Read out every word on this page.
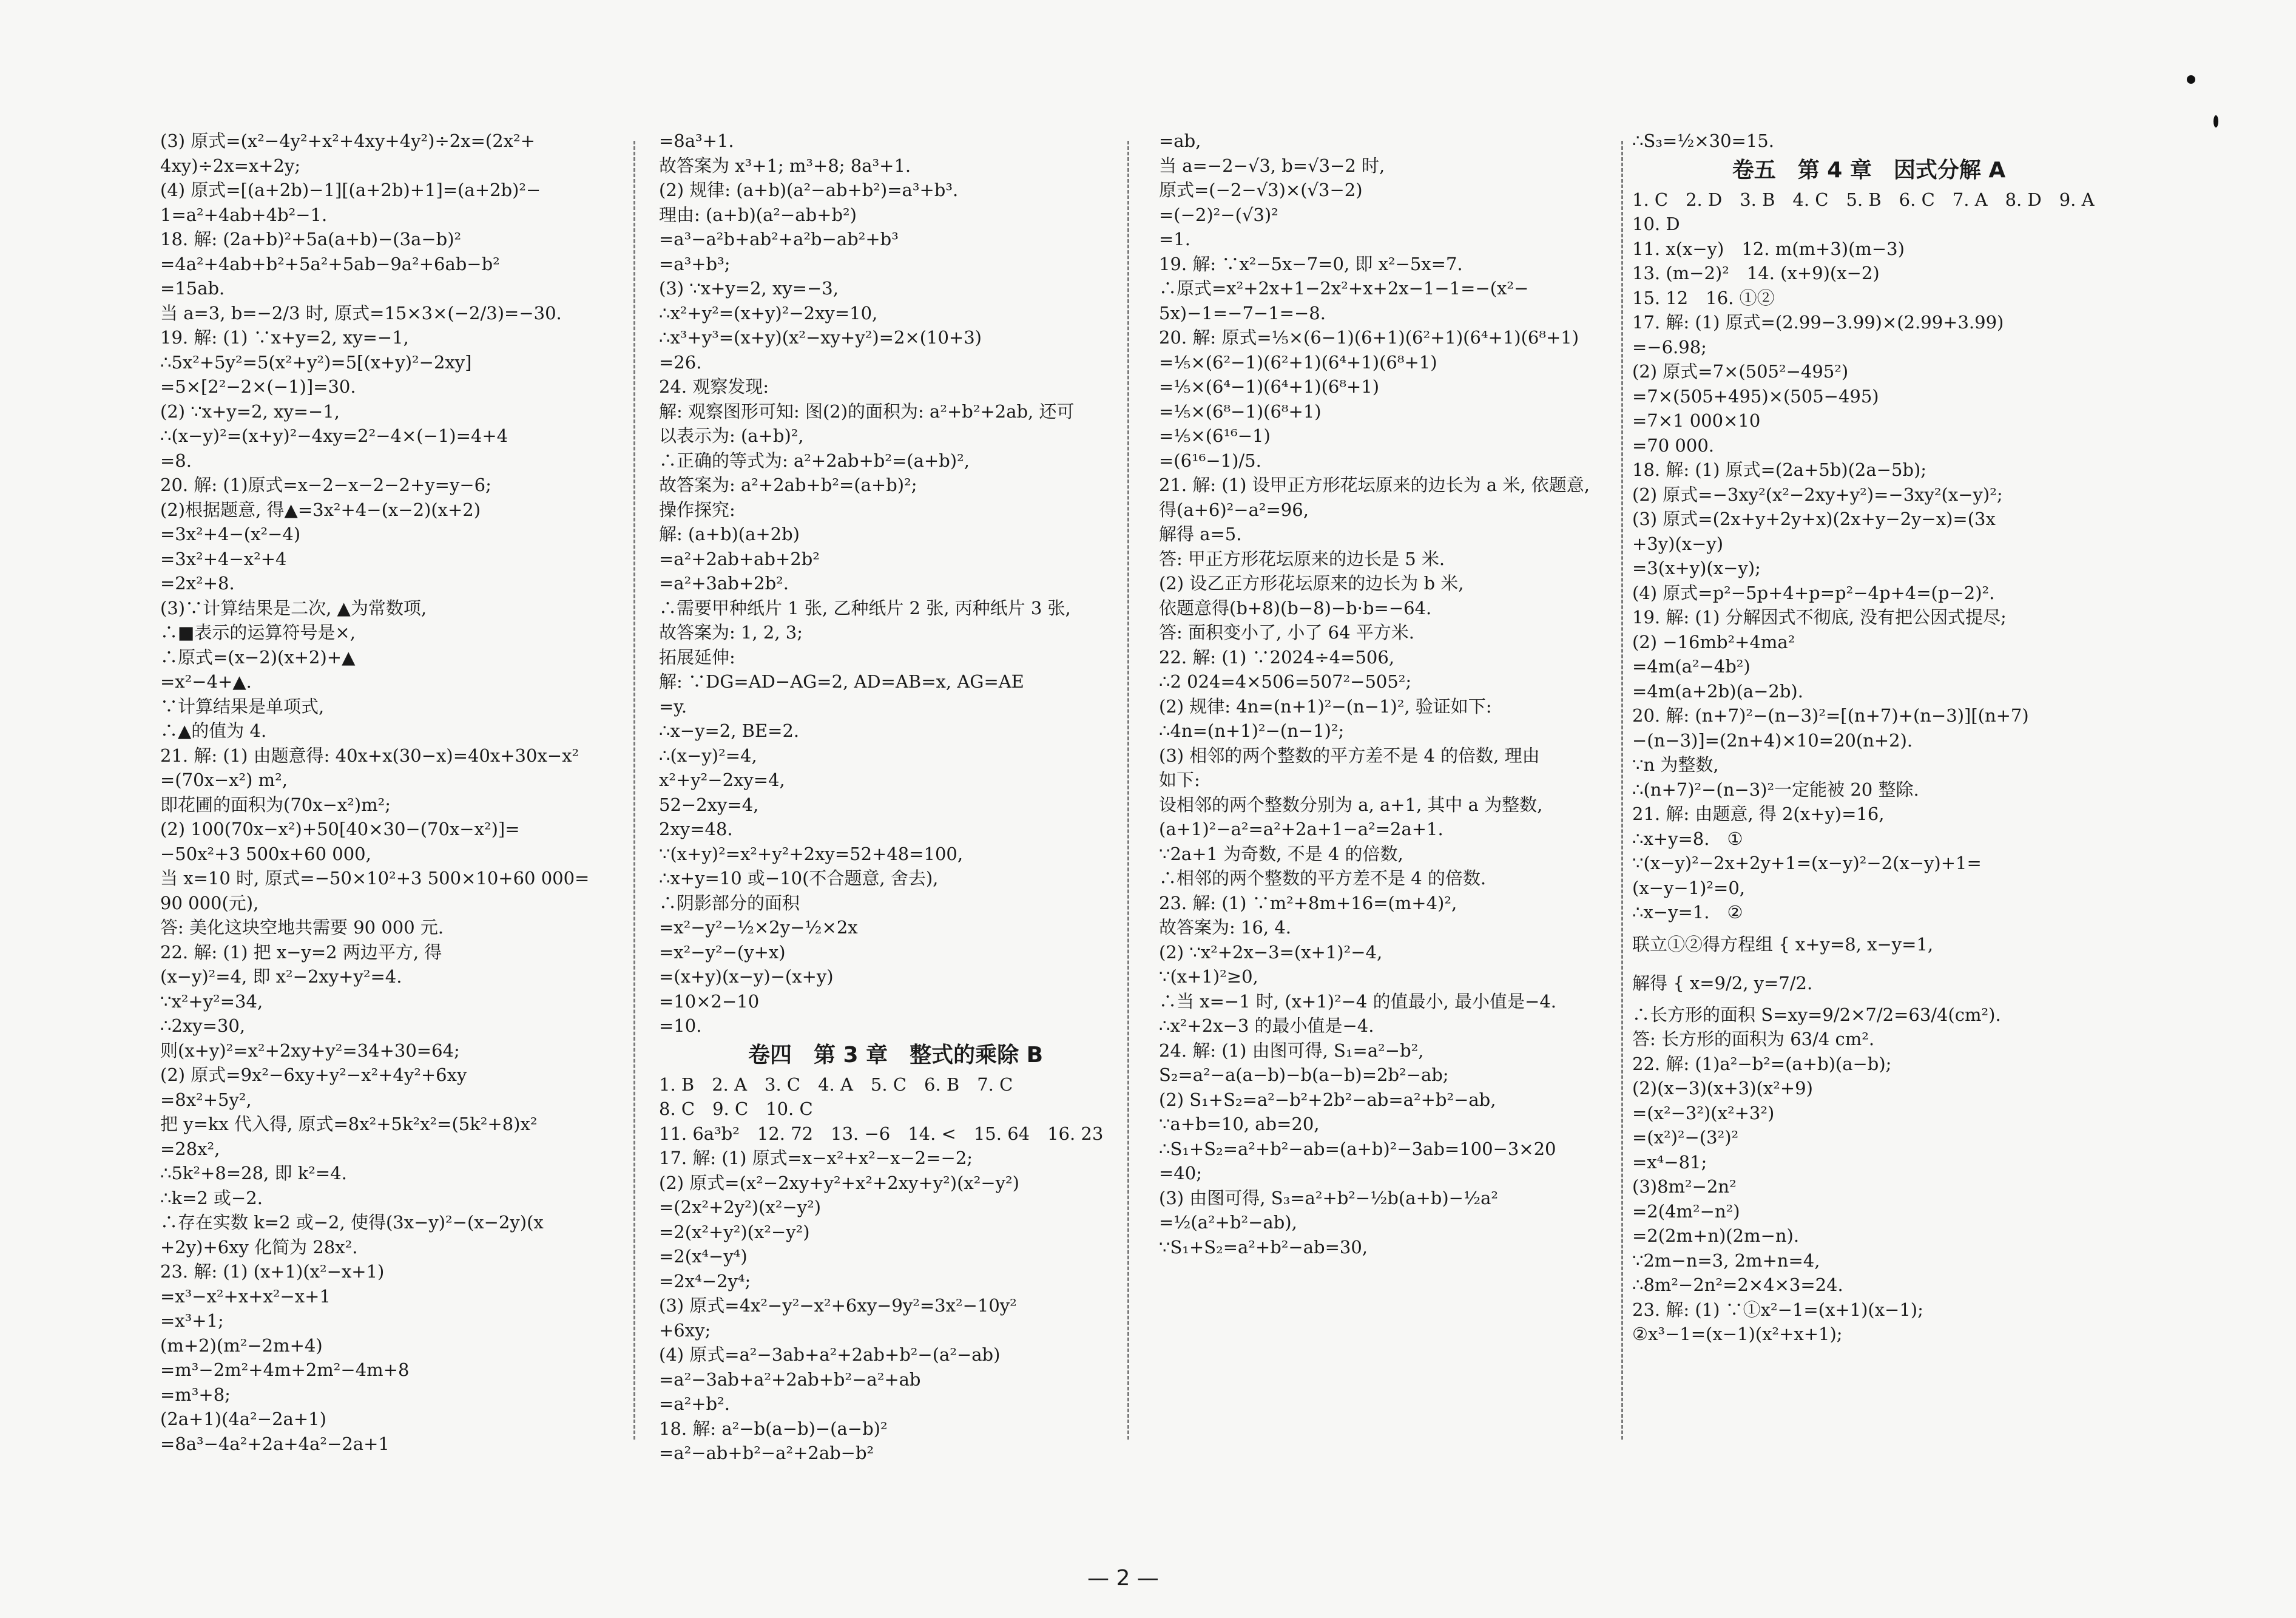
(3) 原式=(x²−4y²+x²+4xy+4y²)÷2x=(2x²+
4xy)÷2x=x+2y;
(4) 原式=[(a+2b)−1][(a+2b)+1]=(a+2b)²−
1=a²+4ab+4b²−1.
18. 解: (2a+b)²+5a(a+b)−(3a−b)²
=4a²+4ab+b²+5a²+5ab−9a²+6ab−b²
=15ab.
当 a=3, b=−2/3 时, 原式=15×3×(−2/3)=−30.
19. 解: (1) ∵x+y=2, xy=−1,
∴5x²+5y²=5(x²+y²)=5[(x+y)²−2xy]
=5×[2²−2×(−1)]=30.
(2) ∵x+y=2, xy=−1,
∴(x−y)²=(x+y)²−4xy=2²−4×(−1)=4+4
=8.
20. 解: (1)原式=x−2−x−2−2+y=y−6;
(2)根据题意, 得▲=3x²+4−(x−2)(x+2)
=3x²+4−(x²−4)
=3x²+4−x²+4
=2x²+8.
(3)∵计算结果是二次, ▲为常数项,
∴■表示的运算符号是×,
∴原式=(x−2)(x+2)+▲
=x²−4+▲.
∵计算结果是单项式,
∴▲的值为 4.
21. 解: (1) 由题意得: 40x+x(30−x)=40x+30x−x²
=(70x−x²) m²,
即花圃的面积为(70x−x²)m²;
(2) 100(70x−x²)+50[40×30−(70x−x²)]=
−50x²+3 500x+60 000,
当 x=10 时, 原式=−50×10²+3 500×10+60 000=
90 000(元),
答: 美化这块空地共需要 90 000 元.
22. 解: (1) 把 x−y=2 两边平方, 得
(x−y)²=4, 即 x²−2xy+y²=4.
∵x²+y²=34,
∴2xy=30,
则(x+y)²=x²+2xy+y²=34+30=64;
(2) 原式=9x²−6xy+y²−x²+4y²+6xy
=8x²+5y²,
把 y=kx 代入得, 原式=8x²+5k²x²=(5k²+8)x²
=28x²,
∴5k²+8=28, 即 k²=4.
∴k=2 或−2.
∴存在实数 k=2 或−2, 使得(3x−y)²−(x−2y)(x
+2y)+6xy 化简为 28x².
23. 解: (1) (x+1)(x²−x+1)
=x³−x²+x+x²−x+1
=x³+1;
(m+2)(m²−2m+4)
=m³−2m²+4m+2m²−4m+8
=m³+8;
(2a+1)(4a²−2a+1)
=8a³−4a²+2a+4a²−2a+1
=8a³+1.
故答案为 x³+1; m³+8; 8a³+1.
(2) 规律: (a+b)(a²−ab+b²)=a³+b³.
理由: (a+b)(a²−ab+b²)
=a³−a²b+ab²+a²b−ab²+b³
=a³+b³;
(3) ∵x+y=2, xy=−3,
∴x²+y²=(x+y)²−2xy=10,
∴x³+y³=(x+y)(x²−xy+y²)=2×(10+3)
=26.
24. 观察发现:
解: 观察图形可知: 图(2)的面积为: a²+b²+2ab, 还可
以表示为: (a+b)²,
∴正确的等式为: a²+2ab+b²=(a+b)²,
故答案为: a²+2ab+b²=(a+b)²;
操作探究:
解: (a+b)(a+2b)
=a²+2ab+ab+2b²
=a²+3ab+2b².
∴需要甲种纸片 1 张, 乙种纸片 2 张, 丙种纸片 3 张,
故答案为: 1, 2, 3;
拓展延伸:
解: ∵DG=AD−AG=2, AD=AB=x, AG=AE
=y.
∴x−y=2, BE=2.
∴(x−y)²=4,
x²+y²−2xy=4,
52−2xy=4,
2xy=48.
∵(x+y)²=x²+y²+2xy=52+48=100,
∴x+y=10 或−10(不合题意, 舍去),
∴阴影部分的面积
=x²−y²−½×2y−½×2x
=x²−y²−(y+x)
=(x+y)(x−y)−(x+y)
=10×2−10
=10.
卷四　第 3 章　整式的乘除 B
1. B　2. A　3. C　4. A　5. C　6. B　7. C
8. C　9. C　10. C
11. 6a³b²　12. 72　13. −6　14. <　15. 64　16. 23
17. 解: (1) 原式=x−x²+x²−x−2=−2;
(2) 原式=(x²−2xy+y²+x²+2xy+y²)(x²−y²)
=(2x²+2y²)(x²−y²)
=2(x²+y²)(x²−y²)
=2(x⁴−y⁴)
=2x⁴−2y⁴;
(3) 原式=4x²−y²−x²+6xy−9y²=3x²−10y²
+6xy;
(4) 原式=a²−3ab+a²+2ab+b²−(a²−ab)
=a²−3ab+a²+2ab+b²−a²+ab
=a²+b².
18. 解: a²−b(a−b)−(a−b)²
=a²−ab+b²−a²+2ab−b²
=ab,
当 a=−2−√3, b=√3−2 时,
原式=(−2−√3)×(√3−2)
=(−2)²−(√3)²
=1.
19. 解: ∵x²−5x−7=0, 即 x²−5x=7.
∴原式=x²+2x+1−2x²+x+2x−1−1=−(x²−
5x)−1=−7−1=−8.
20. 解: 原式=⅕×(6−1)(6+1)(6²+1)(6⁴+1)(6⁸+1)
=⅕×(6²−1)(6²+1)(6⁴+1)(6⁸+1)
=⅕×(6⁴−1)(6⁴+1)(6⁸+1)
=⅕×(6⁸−1)(6⁸+1)
=⅕×(6¹⁶−1)
=(6¹⁶−1)/5.
21. 解: (1) 设甲正方形花坛原来的边长为 a 米, 依题意,
得(a+6)²−a²=96,
解得 a=5.
答: 甲正方形花坛原来的边长是 5 米.
(2) 设乙正方形花坛原来的边长为 b 米,
依题意得(b+8)(b−8)−b·b=−64.
答: 面积变小了, 小了 64 平方米.
22. 解: (1) ∵2024÷4=506,
∴2 024=4×506=507²−505²;
(2) 规律: 4n=(n+1)²−(n−1)², 验证如下:
∴4n=(n+1)²−(n−1)²;
(3) 相邻的两个整数的平方差不是 4 的倍数, 理由
如下:
设相邻的两个整数分别为 a, a+1, 其中 a 为整数,
(a+1)²−a²=a²+2a+1−a²=2a+1.
∵2a+1 为奇数, 不是 4 的倍数,
∴相邻的两个整数的平方差不是 4 的倍数.
23. 解: (1) ∵m²+8m+16=(m+4)²,
故答案为: 16, 4.
(2) ∵x²+2x−3=(x+1)²−4,
∵(x+1)²≥0,
∴当 x=−1 时, (x+1)²−4 的值最小, 最小值是−4.
∴x²+2x−3 的最小值是−4.
24. 解: (1) 由图可得, S₁=a²−b²,
S₂=a²−a(a−b)−b(a−b)=2b²−ab;
(2) S₁+S₂=a²−b²+2b²−ab=a²+b²−ab,
∵a+b=10, ab=20,
∴S₁+S₂=a²+b²−ab=(a+b)²−3ab=100−3×20
=40;
(3) 由图可得, S₃=a²+b²−½b(a+b)−½a²
=½(a²+b²−ab),
∵S₁+S₂=a²+b²−ab=30,
∴S₃=½×30=15.
卷五　第 4 章　因式分解 A
1. C　2. D　3. B　4. C　5. B　6. C　7. A　8. D　9. A
10. D
11. x(x−y)　12. m(m+3)(m−3)
13. (m−2)²　14. (x+9)(x−2)
15. 12　16. ①②
17. 解: (1) 原式=(2.99−3.99)×(2.99+3.99)
=−6.98;
(2) 原式=7×(505²−495²)
=7×(505+495)×(505−495)
=7×1 000×10
=70 000.
18. 解: (1) 原式=(2a+5b)(2a−5b);
(2) 原式=−3xy²(x²−2xy+y²)=−3xy²(x−y)²;
(3) 原式=(2x+y+2y+x)(2x+y−2y−x)=(3x
+3y)(x−y)
=3(x+y)(x−y);
(4) 原式=p²−5p+4+p=p²−4p+4=(p−2)².
19. 解: (1) 分解因式不彻底, 没有把公因式提尽;
(2) −16mb²+4ma²
=4m(a²−4b²)
=4m(a+2b)(a−2b).
20. 解: (n+7)²−(n−3)²=[(n+7)+(n−3)][(n+7)
−(n−3)]=(2n+4)×10=20(n+2).
∵n 为整数,
∴(n+7)²−(n−3)²一定能被 20 整除.
21. 解: 由题意, 得 2(x+y)=16,
∴x+y=8.　①
∵(x−y)²−2x+2y+1=(x−y)²−2(x−y)+1=
(x−y−1)²=0,
∴x−y=1.　②
联立①②得方程组 { x+y=8, x−y=1,
解得 { x=9/2, y=7/2.
∴长方形的面积 S=xy=9/2×7/2=63/4(cm²).
答: 长方形的面积为 63/4 cm².
22. 解: (1)a²−b²=(a+b)(a−b);
(2)(x−3)(x+3)(x²+9)
=(x²−3²)(x²+3²)
=(x²)²−(3²)²
=x⁴−81;
(3)8m²−2n²
=2(4m²−n²)
=2(2m+n)(2m−n).
∵2m−n=3, 2m+n=4,
∴8m²−2n²=2×4×3=24.
23. 解: (1) ∵①x²−1=(x+1)(x−1);
②x³−1=(x−1)(x²+x+1);
— 2 —
